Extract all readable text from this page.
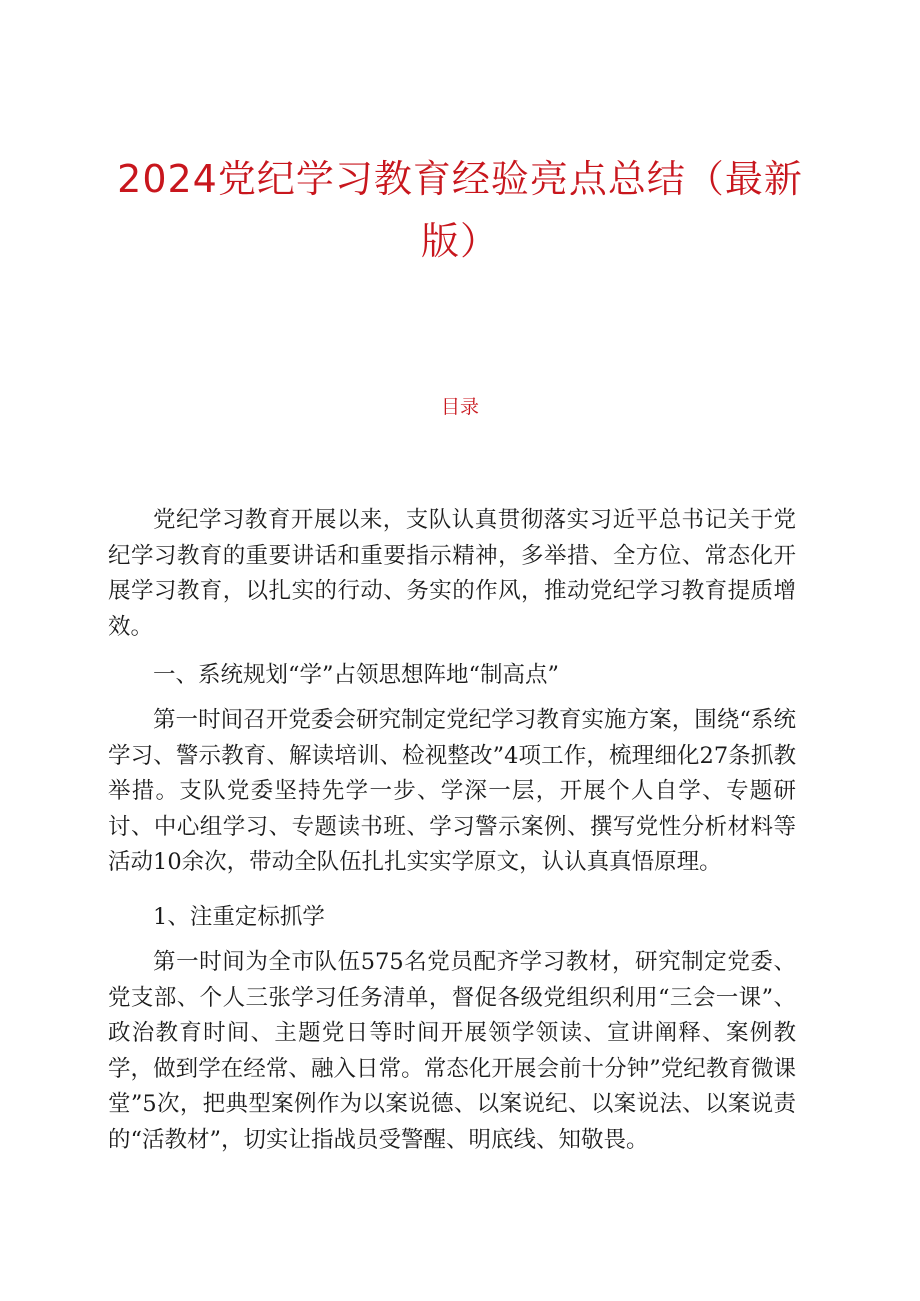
2024党纪学习教育经验亮点总结（最新版）

目录

党纪学习教育开展以来，支队认真贯彻落实习近平总书记关于党纪学习教育的重要讲话和重要指示精神，多举措、全方位、常态化开展学习教育，以扎实的行动、务实的作风，推动党纪学习教育提质增效。

一、系统规划“学”占领思想阵地“制高点”

第一时间召开党委会研究制定党纪学习教育实施方案，围绕“系统学习、警示教育、解读培训、检视整改”4项工作，梳理细化27条抓教举措。支队党委坚持先学一步、学深一层，开展个人自学、专题研讨、中心组学习、专题读书班、学习警示案例、撰写党性分析材料等活动10余次，带动全队伍扎扎实实学原文，认认真真悟原理。

1、注重定标抓学

第一时间为全市队伍575名党员配齐学习教材，研究制定党委、党支部、个人三张学习任务清单，督促各级党组织利用“三会一课”、政治教育时间、主题党日等时间开展领学领读、宣讲阐释、案例教学，做到学在经常、融入日常。常态化开展会前十分钟”党纪教育微课堂”5次，把典型案例作为以案说德、以案说纪、以案说法、以案说责的“活教材”，切实让指战员受警醒、明底线、知敬畏。
